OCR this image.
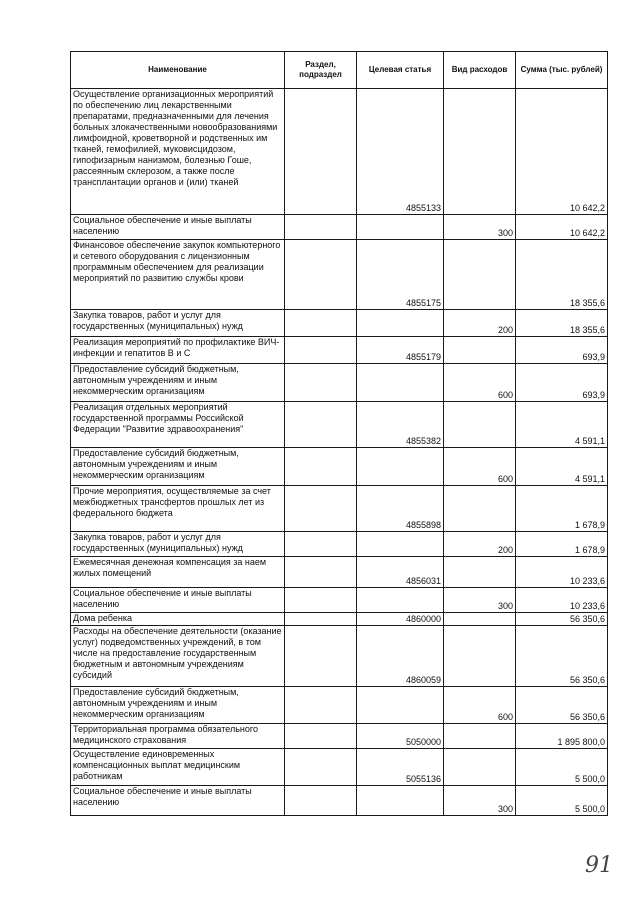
Наименование	Раздел, подраздел	Целевая статья	Вид расходов	Сумма (тыс. рублей)
Осуществление организационных мероприятий по обеспечению лиц лекарственными препаратами, предназначенными для лечения больных злокачественными новообразованиями лимфоидной, кроветворной и родственных им тканей, гемофилией, муковисцидозом, гипофизарным нанизмом, болезнью Гоше, рассеянным склерозом, а также после трансплантации органов и (или) тканей		4855133		10 642,2
Социальное обеспечение и иные выплаты населению			300	10 642,2
Финансовое обеспечение закупок компьютерного и сетевого оборудования с лицензионным программным обеспечением для реализации мероприятий по развитию службы крови		4855175		18 355,6
Закупка товаров, работ и услуг для государственных (муниципальных) нужд			200	18 355,6
Реализация мероприятий по профилактике ВИЧ-инфекции и гепатитов В и С		4855179		693,9
Предоставление субсидий бюджетным, автономным учреждениям и иным некоммерческим организациям			600	693,9
Реализация отдельных мероприятий государственной программы Российской Федерации "Развитие здравоохранения"		4855382		4 591,1
Предоставление субсидий бюджетным, автономным учреждениям и иным некоммерческим организациям			600	4 591,1
Прочие мероприятия, осуществляемые за счет межбюджетных трансфертов прошлых лет из федерального бюджета		4855898		1 678,9
Закупка товаров, работ и услуг для государственных (муниципальных) нужд			200	1 678,9
Ежемесячная денежная компенсация за наем жилых помещений		4856031		10 233,6
Социальное обеспечение и иные выплаты населению			300	10 233,6
Дома ребенка		4860000		56 350,6
Расходы на обеспечение деятельности (оказание услуг) подведомственных учреждений, в том числе на предоставление государственным бюджетным и автономным учреждениям субсидий		4860059		56 350,6
Предоставление субсидий бюджетным, автономным учреждениям и иным некоммерческим организациям			600	56 350,6
Территориальная программа обязательного медицинского страхования		5050000		1 895 800,0
Осуществление единовременных компенсационных выплат медицинским работникам		5055136		5 500,0
Социальное обеспечение и иные выплаты населению			300	5 500,0
91
